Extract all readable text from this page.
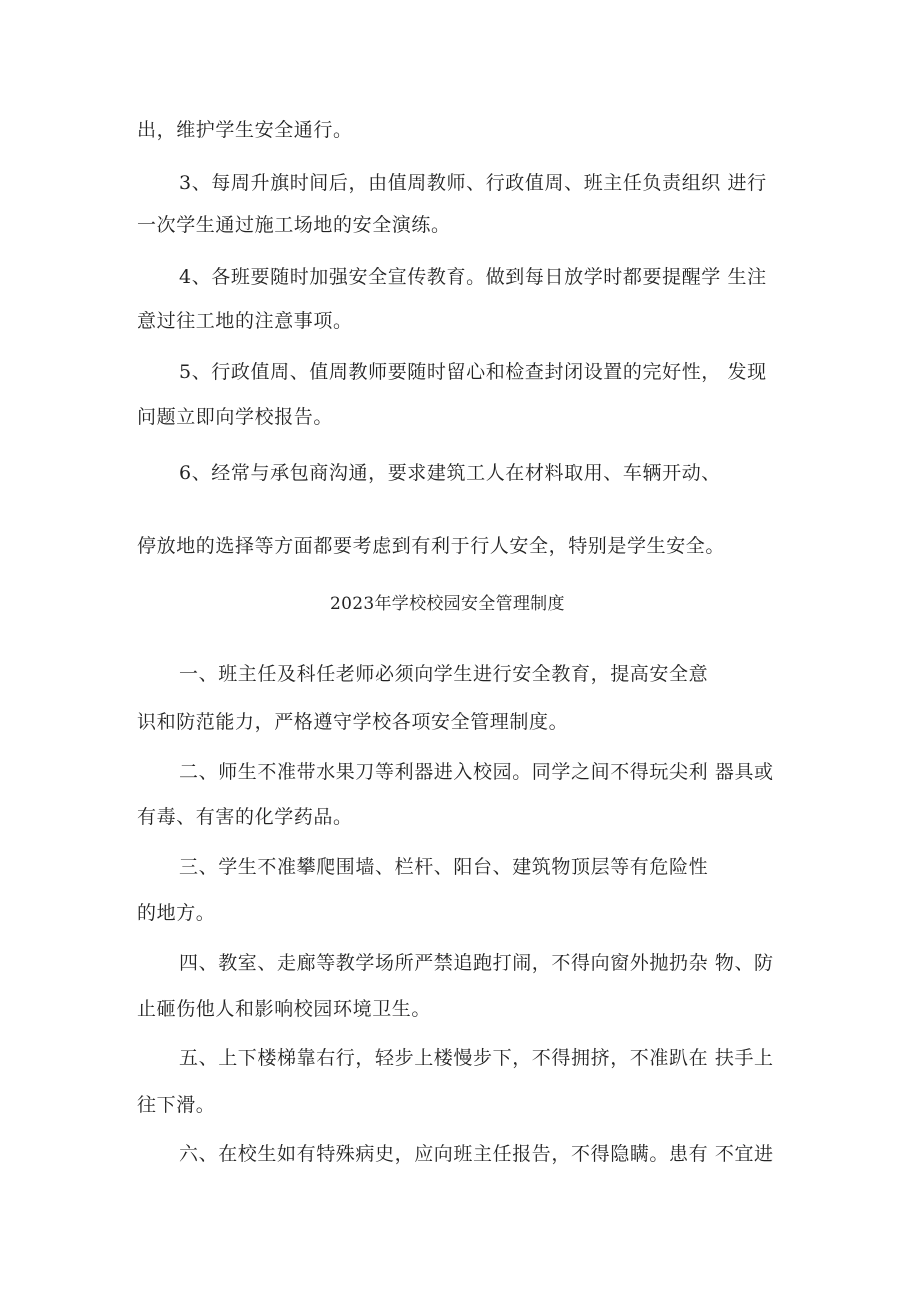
出，维护学生安全通行。
3、每周升旗时间后，由值周教师、行政值周、班主任负责组织 进行
一次学生通过施工场地的安全演练。
4、各班要随时加强安全宣传教育。做到每日放学时都要提醒学 生注
意过往工地的注意事项。
5、行政值周、值周教师要随时留心和检查封闭设置的完好性， 发现
问题立即向学校报告。
6、经常与承包商沟通，要求建筑工人在材料取用、车辆开动、
停放地的选择等方面都要考虑到有利于行人安全，特别是学生安全。
2023年学校校园安全管理制度
一、班主任及科任老师必须向学生进行安全教育，提高安全意
识和防范能力，严格遵守学校各项安全管理制度。
二、师生不准带水果刀等利器进入校园。同学之间不得玩尖利 器具或
有毒、有害的化学药品。
三、学生不准攀爬围墙、栏杆、阳台、建筑物顶层等有危险性
的地方。
四、教室、走廊等教学场所严禁追跑打闹，不得向窗外抛扔杂 物、防
止砸伤他人和影响校园环境卫生。
五、上下楼梯靠右行，轻步上楼慢步下，不得拥挤，不准趴在 扶手上
往下滑。
六、在校生如有特殊病史，应向班主任报告，不得隐瞒。患有 不宜进
